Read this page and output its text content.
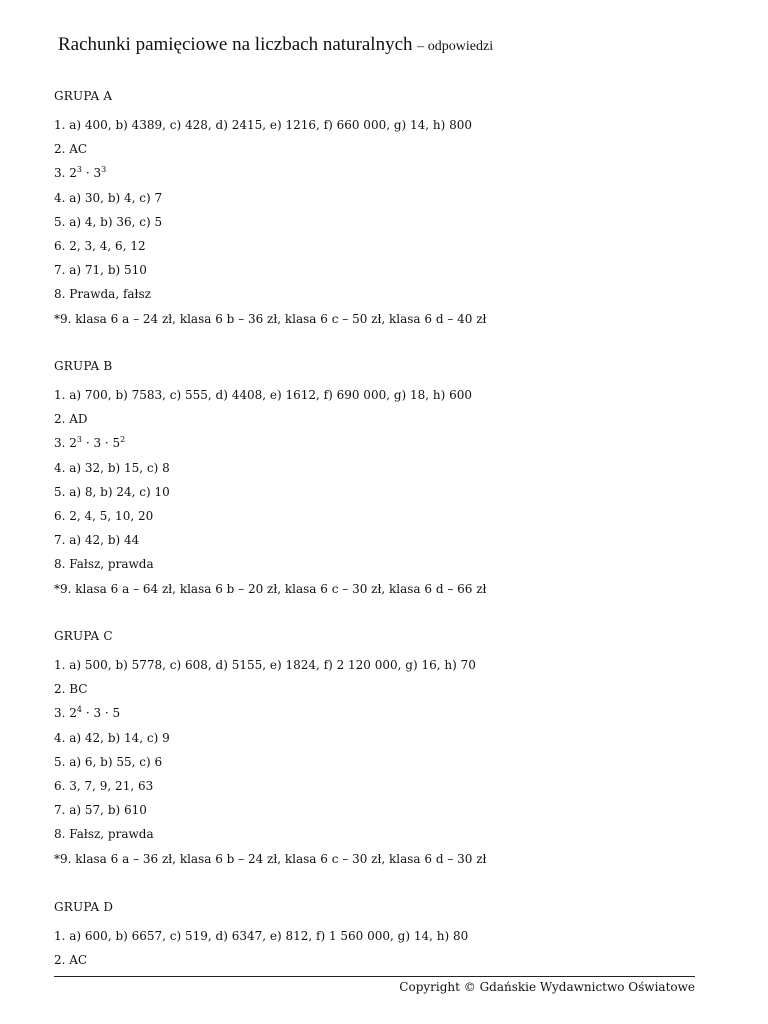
Rachunki pamięciowe na liczbach naturalnych – odpowiedzi
GRUPA A
1. a) 400, b) 4389, c) 428, d) 2415, e) 1216, f) 660 000, g) 14, h) 800
2. AC
3. $2^3 \cdot 3^3$
4. a) 30, b) 4, c) 7
5. a) 4, b) 36, c) 5
6. 2, 3, 4, 6, 12
7. a) 71, b) 510
8. Prawda, fałsz
*9. klasa 6 a – 24 zł, klasa 6 b – 36 zł, klasa 6 c – 50 zł, klasa 6 d – 40 zł
GRUPA B
1. a) 700, b) 7583, c) 555, d) 4408, e) 1612, f) 690 000, g) 18, h) 600
2. AD
3. $2^3 \cdot 3 \cdot 5^2$
4. a) 32, b) 15, c) 8
5. a) 8, b) 24, c) 10
6. 2, 4, 5, 10, 20
7. a) 42, b) 44
8. Fałsz, prawda
*9. klasa 6 a – 64 zł, klasa 6 b – 20 zł, klasa 6 c – 30 zł, klasa 6 d – 66 zł
GRUPA C
1. a) 500, b) 5778, c) 608, d) 5155, e) 1824, f) 2 120 000, g) 16, h) 70
2. BC
3. $2^4 \cdot 3 \cdot 5$
4. a) 42, b) 14, c) 9
5. a) 6, b) 55, c) 6
6. 3, 7, 9, 21, 63
7. a) 57, b) 610
8. Fałsz, prawda
*9. klasa 6 a – 36 zł, klasa 6 b – 24 zł, klasa 6 c – 30 zł, klasa 6 d – 30 zł
GRUPA D
1. a) 600, b) 6657, c) 519, d) 6347, e) 812, f) 1 560 000, g) 14, h) 80
2. AC
Copyright © Gdańskie Wydawnictwo Oświatowe
